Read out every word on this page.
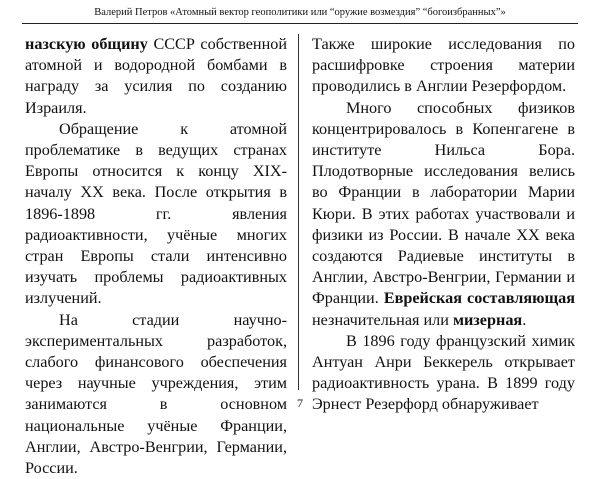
Валерий Петров «Атомный вектор геополитики или “оружие возмездия” “богоизбранных”»

назскую общину СССР собственной атомной и водородной бомбами в награду за усилия по созданию Израиля.

Обращение к атомной проблематике в ведущих странах Европы относится к концу XIX- началу XX века. После открытия в 1896-1898 гг. явления радиоактивности, учёные многих стран Европы стали интенсивно изучать проблемы радиоактивных излучений.

На стадии научно-

экспериментальных разработок, слабого финансового обеспечения через научные учреждения, этим занимаются в основном национальные учёные Франции, Англии, Австро-Венгрии, Германии, России.

Также широкие исследования по расшифровке строения материи проводились в Англии Резерфордом.

Много способных физиков концентрировалось в Копенгагене в институте Нильса Бора. Плодотворные исследования велись во Франции в лаборатории Марии Кюри. В этих работах участвовали и физики из России. В начале XX века создаются Радиевые институты в Англии, Австро-Венгрии, Германии и Франции. Еврейская составляющая незначительная или мизерная.

В 1896 году французский химик Антуан Анри Беккерель открывает радиоактивность урана. В 1899 году Эрнест Резерфорд обнаруживает

7
